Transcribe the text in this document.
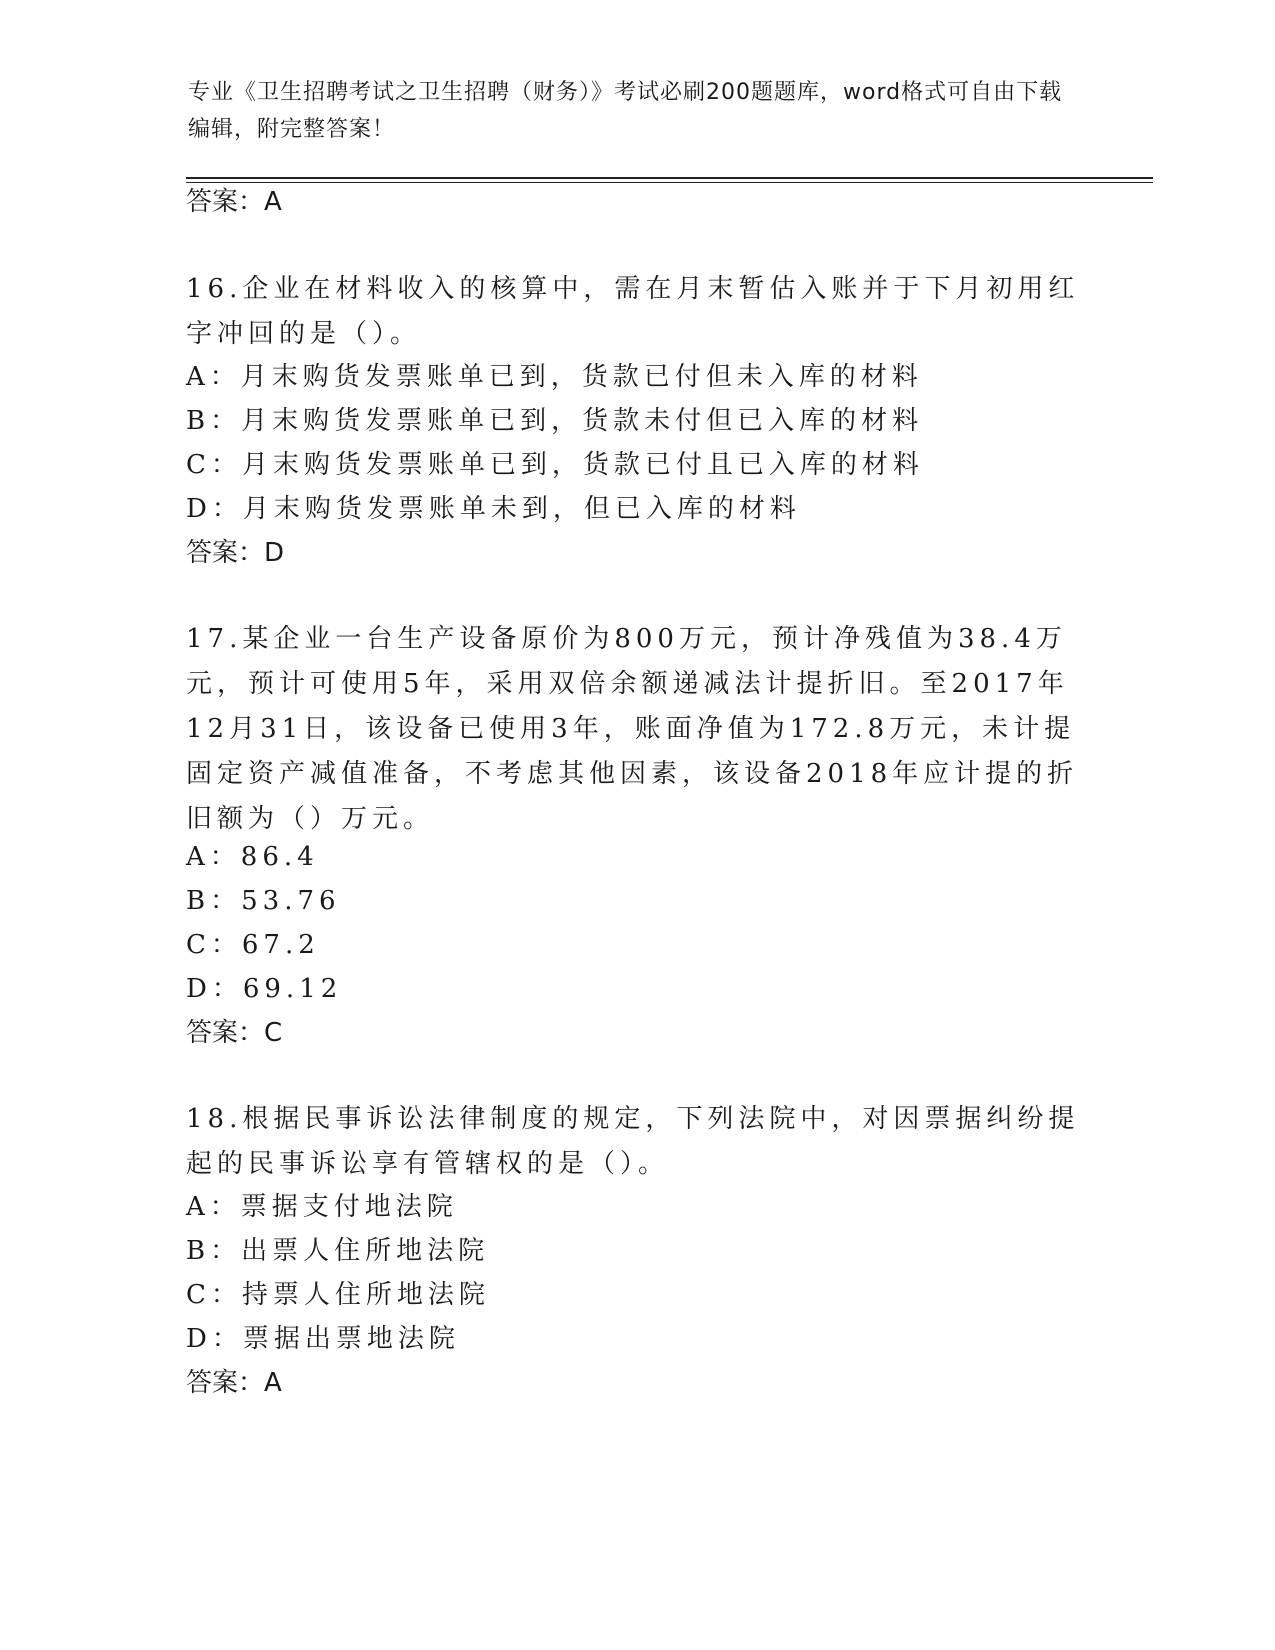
专业《卫生招聘考试之卫生招聘（财务）》考试必刷200题题库，word格式可自由下载编辑，附完整答案！
答案：A
16.企业在材料收入的核算中，需在月末暂估入账并于下月初用红字冲回的是（）。
A：月末购货发票账单已到，货款已付但未入库的材料
B：月末购货发票账单已到，货款未付但已入库的材料
C：月末购货发票账单已到，货款已付且已入库的材料
D：月末购货发票账单未到，但已入库的材料
答案：D
17.某企业一台生产设备原价为800万元，预计净残值为38.4万元，预计可使用5年，采用双倍余额递减法计提折旧。至2017年12月31日，该设备已使用3年，账面净值为172.8万元，未计提固定资产减值准备，不考虑其他因素，该设备2018年应计提的折旧额为（）万元。
A：86.4
B：53.76
C：67.2
D：69.12
答案：C
18.根据民事诉讼法律制度的规定，下列法院中，对因票据纠纷提起的民事诉讼享有管辖权的是（）。
A：票据支付地法院
B：出票人住所地法院
C：持票人住所地法院
D：票据出票地法院
答案：A
